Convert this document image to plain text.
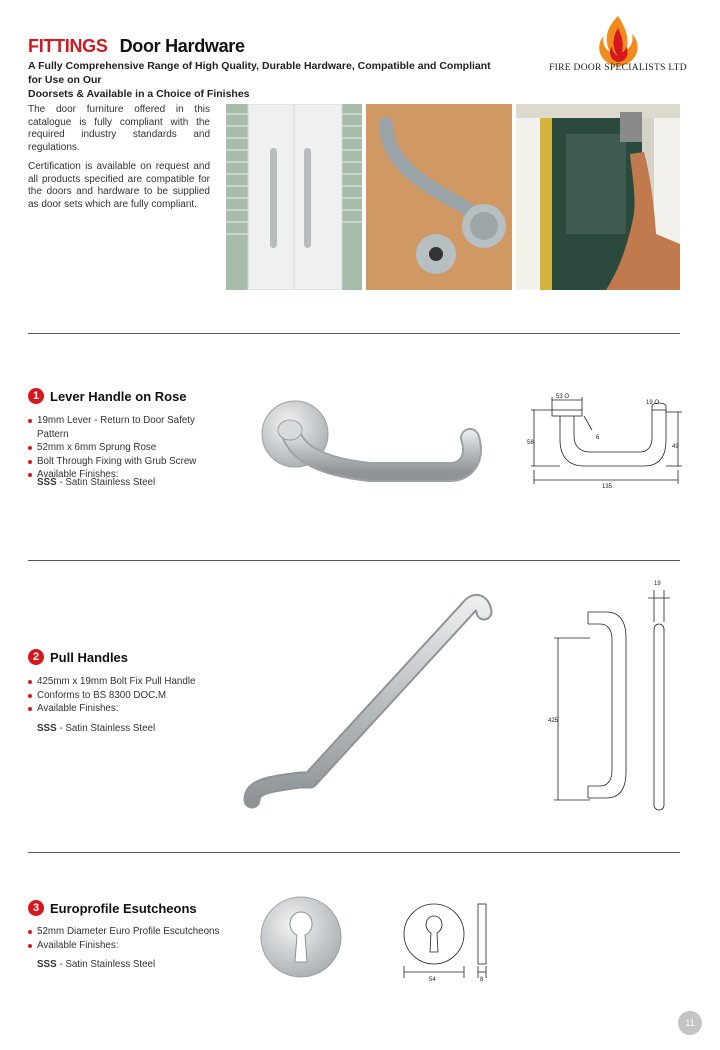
FITTINGS Door Hardware
A Fully Comprehensive Range of High Quality, Durable Hardware, Compatible and Compliant for Use on Our
Doorsets & Available in a Choice of Finishes
FIRE DOOR SPECIALISTS LTD

The door furniture offered in this catalogue is fully compliant with the required industry standards and regulations.

Certification is available on request and all products specified are compatible for the doors and hardware to be supplied as door sets which are fully compliant.

1 Lever Handle on Rose
19mm Lever - Return to Door Safety Pattern
52mm x 6mm Sprung Rose
Bolt Through Fixing with Grub Screw
Available Finishes:
SSS - Satin Stainless Steel
53 O
19 O
6
58
49
135
2 Pull Handles
425mm x 19mm Bolt Fix Pull Handle
Conforms to BS 8300 DOC.M
Available Finishes:
SSS - Satin Stainless Steel
19
425
3 Europrofile Esutcheons
52mm Diameter Euro Profile Escutcheons
Available Finishes:
SSS - Satin Stainless Steel
54	8
11
